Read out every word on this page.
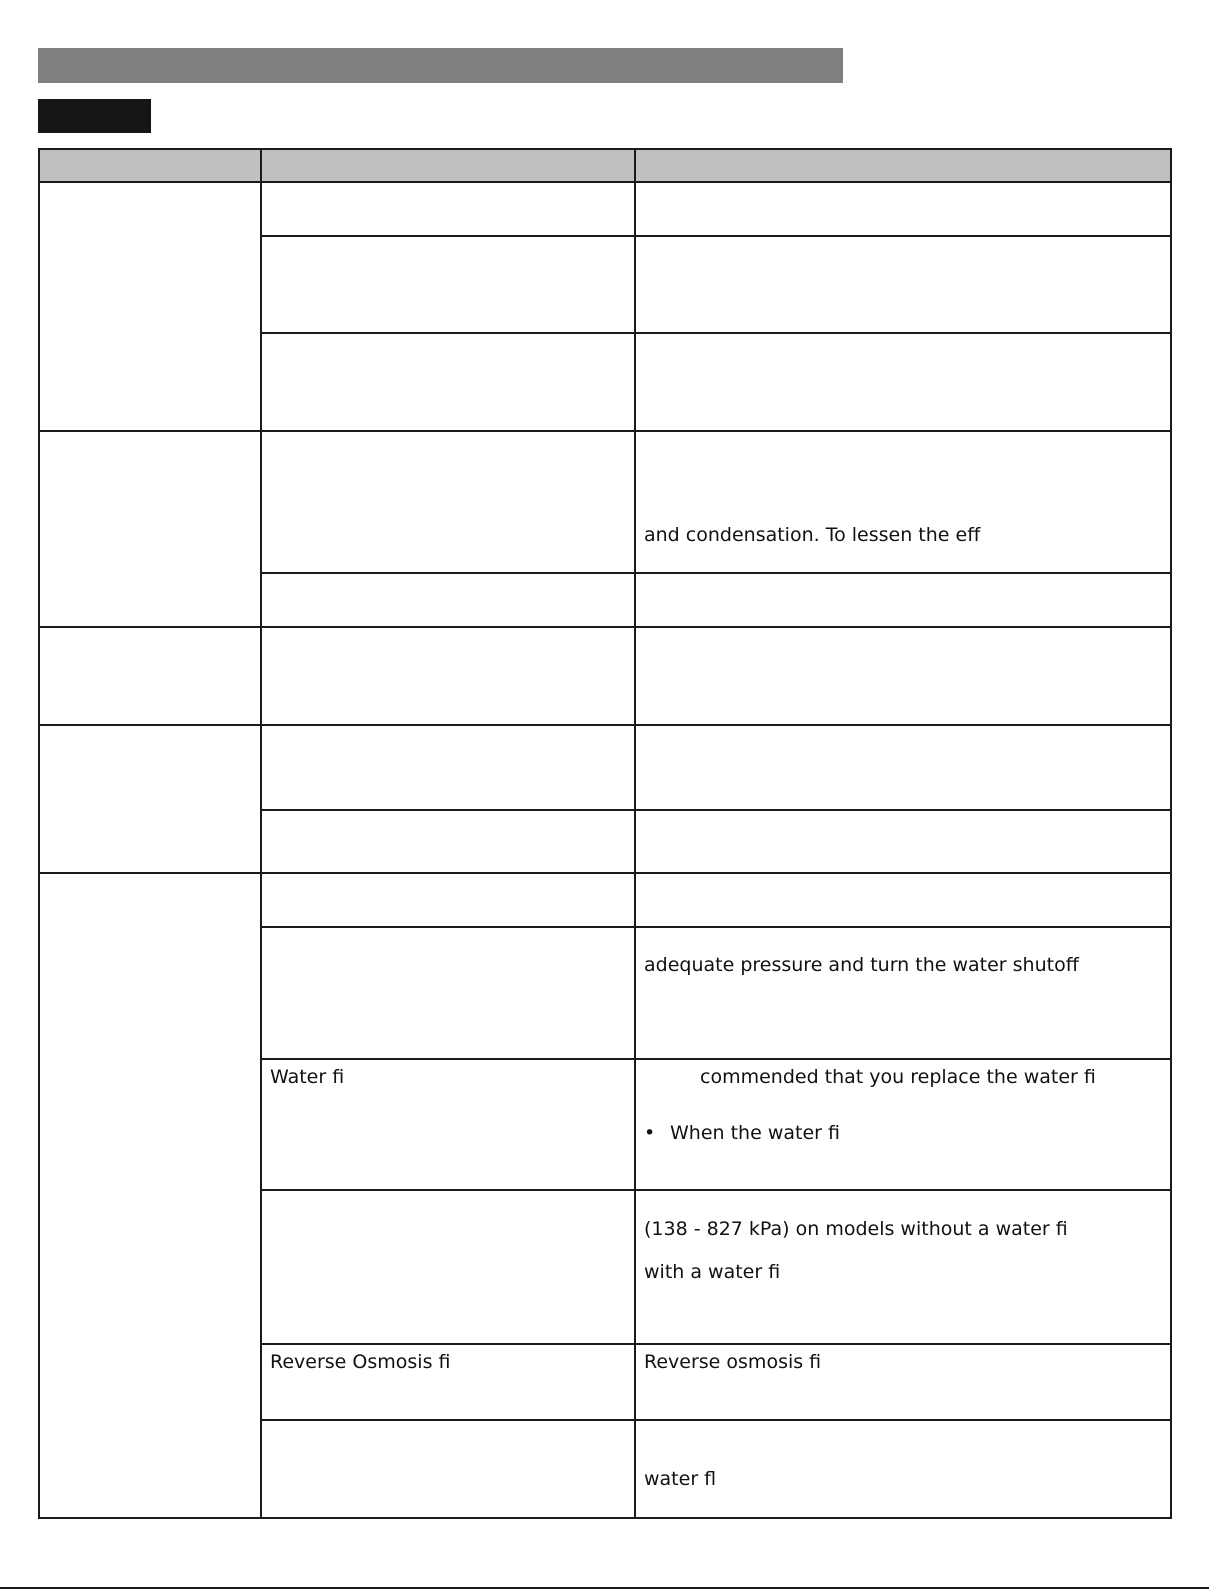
		and condensation. To lessen the eff

		adequate pressure and turn the water shutoff

	Water fi	commended that you replace the water fi
• When the water fi

		(138 - 827 kPa) on models without a water fi
with a water fi

	Reverse Osmosis fi	Reverse osmosis fi

		water fl
